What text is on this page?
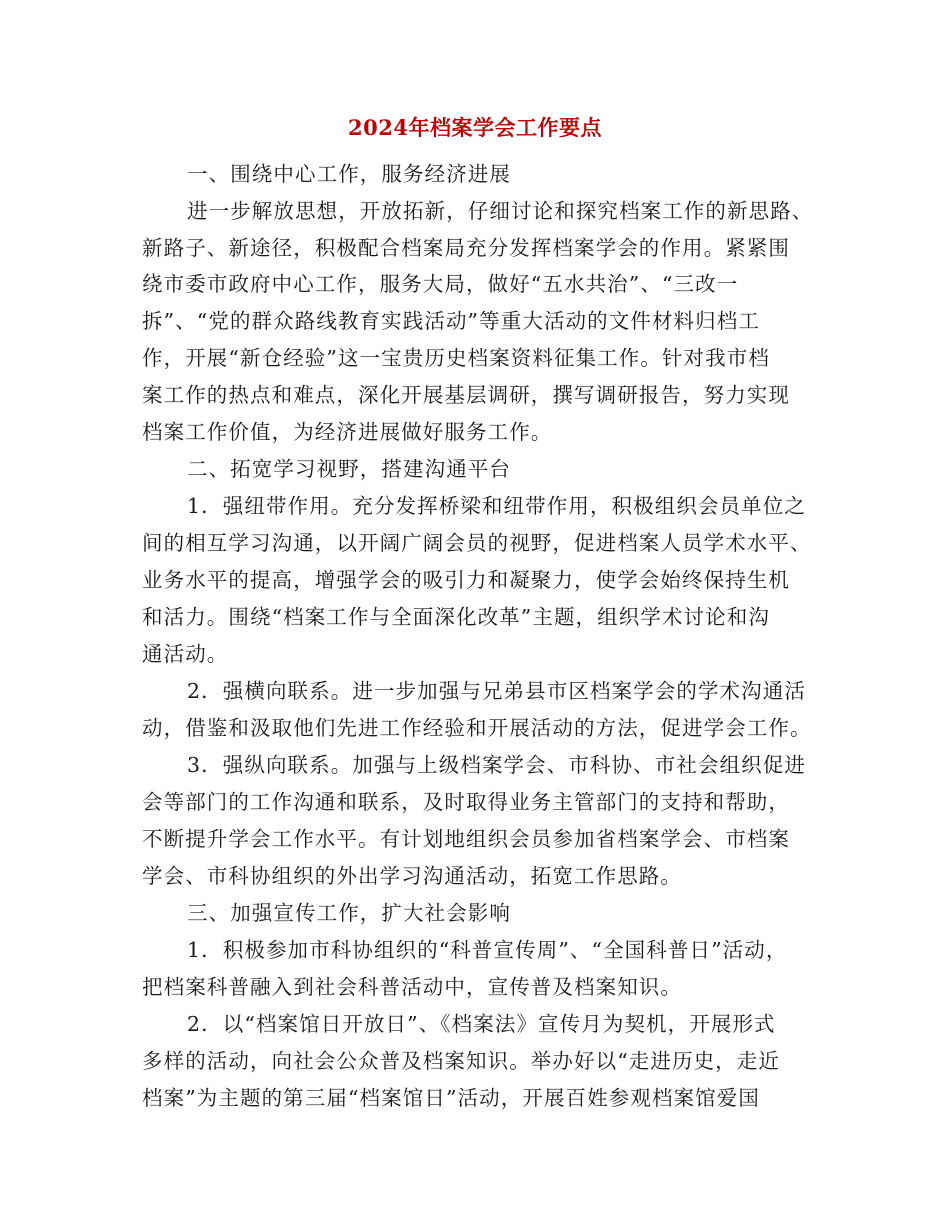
2024年档案学会工作要点
一、围绕中心工作，服务经济进展
进一步解放思想，开放拓新，仔细讨论和探究档案工作的新思路、
新路子、新途径，积极配合档案局充分发挥档案学会的作用。紧紧围
绕市委市政府中心工作，服务大局，做好“五水共治”、“三改一
拆”、“党的群众路线教育实践活动”等重大活动的文件材料归档工
作，开展“新仓经验”这一宝贵历史档案资料征集工作。针对我市档
案工作的热点和难点，深化开展基层调研，撰写调研报告，努力实现
档案工作价值，为经济进展做好服务工作。
二、拓宽学习视野，搭建沟通平台
1．强纽带作用。充分发挥桥梁和纽带作用，积极组织会员单位之
间的相互学习沟通，以开阔广阔会员的视野，促进档案人员学术水平、
业务水平的提高，增强学会的吸引力和凝聚力，使学会始终保持生机
和活力。围绕“档案工作与全面深化改革”主题，组织学术讨论和沟
通活动。
2．强横向联系。进一步加强与兄弟县市区档案学会的学术沟通活
动，借鉴和汲取他们先进工作经验和开展活动的方法，促进学会工作。
3．强纵向联系。加强与上级档案学会、市科协、市社会组织促进
会等部门的工作沟通和联系，及时取得业务主管部门的支持和帮助，
不断提升学会工作水平。有计划地组织会员参加省档案学会、市档案
学会、市科协组织的外出学习沟通活动，拓宽工作思路。
三、加强宣传工作，扩大社会影响
1．积极参加市科协组织的“科普宣传周”、“全国科普日”活动，
把档案科普融入到社会科普活动中，宣传普及档案知识。
2．以“档案馆日开放日”、《档案法》宣传月为契机，开展形式
多样的活动，向社会公众普及档案知识。举办好以“走进历史，走近
档案”为主题的第三届“档案馆日”活动，开展百姓参观档案馆爱国
